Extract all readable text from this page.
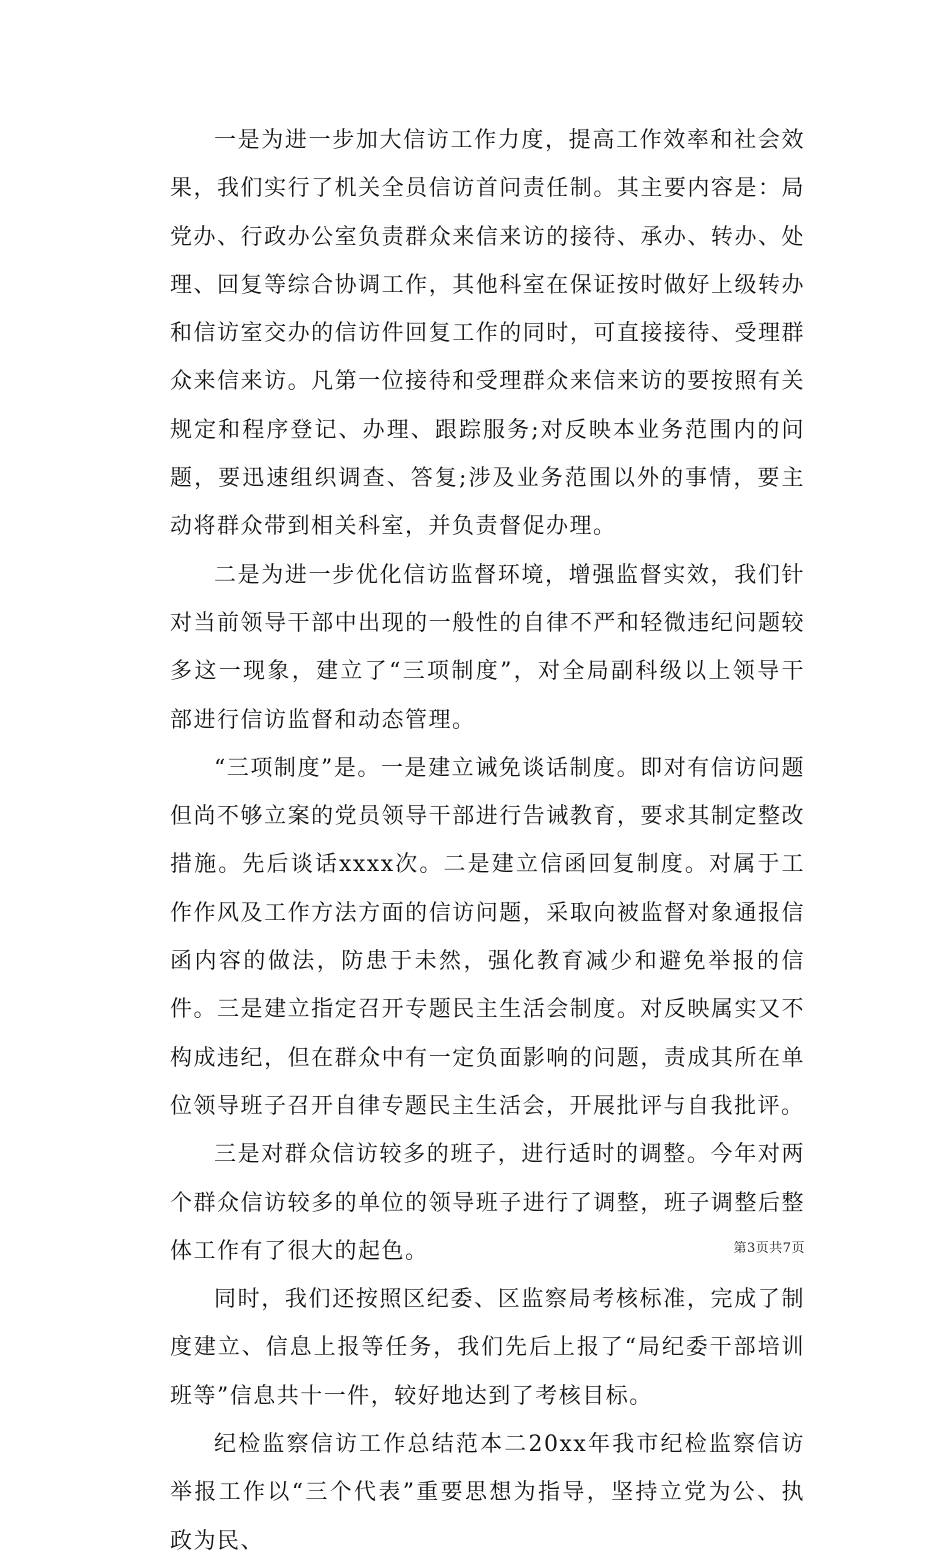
一是为进一步加大信访工作力度，提高工作效率和社会效果，我们实行了机关全员信访首问责任制。其主要内容是：局党办、行政办公室负责群众来信来访的接待、承办、转办、处理、回复等综合协调工作，其他科室在保证按时做好上级转办和信访室交办的信访件回复工作的同时，可直接接待、受理群众来信来访。凡第一位接待和受理群众来信来访的要按照有关规定和程序登记、办理、跟踪服务;对反映本业务范围内的问题，要迅速组织调查、答复;涉及业务范围以外的事情，要主动将群众带到相关科室，并负责督促办理。

二是为进一步优化信访监督环境，增强监督实效，我们针对当前领导干部中出现的一般性的自律不严和轻微违纪问题较多这一现象，建立了“三项制度”，对全局副科级以上领导干部进行信访监督和动态管理。

“三项制度”是。一是建立诫免谈话制度。即对有信访问题但尚不够立案的党员领导干部进行告诫教育，要求其制定整改措施。先后谈话xxxx次。二是建立信函回复制度。对属于工作作风及工作方法方面的信访问题，采取向被监督对象通报信函内容的做法，防患于未然，强化教育减少和避免举报的信件。三是建立指定召开专题民主生活会制度。对反映属实又不构成违纪，但在群众中有一定负面影响的问题，责成其所在单位领导班子召开自律专题民主生活会，开展批评与自我批评。

三是对群众信访较多的班子，进行适时的调整。今年对两个群众信访较多的单位的领导班子进行了调整，班子调整后整体工作有了很大的起色。

同时，我们还按照区纪委、区监察局考核标准，完成了制度建立、信息上报等任务，我们先后上报了“局纪委干部培训班等”信息共十一件，较好地达到了考核目标。

纪检监察信访工作总结范本二20xx年我市纪检监察信访举报工作以“三个代表”重要思想为指导，坚持立党为公、执政为民、

第3页共7页
